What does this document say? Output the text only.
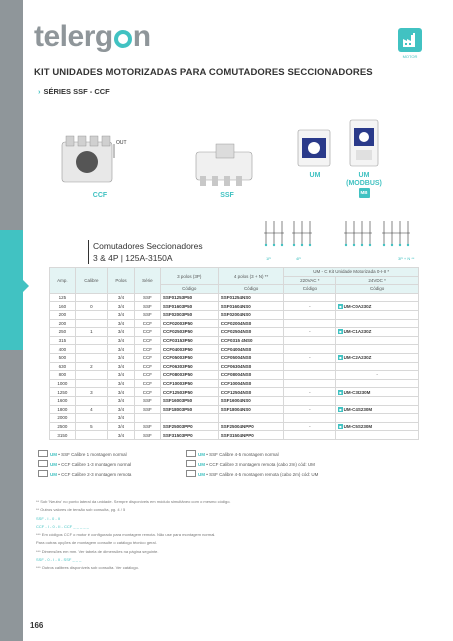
telerg n
MOTOR
KIT UNIDADES MOTORIZADAS PARA COMUTADORES SECCIONADORES
› SÉRIES SSF - CCF
OUT
CCF	SSF
UM	UM
(MODBUS)
MB
1P	4P	3P + N **
Comutadores Seccionadores
3 & 4P | 125A-3150A
Amp.	Calibre	Polos	Série	3 polos (3P)	4 polos (3 + N) **	UM - C Kit Unidade Motorizada 0-I-II *	
						220VAC *	24VDC *
				Código	Código	Código	Código
125		3/4	SSF	SSF01253P50	SSF01254NS0		
160	0	3/4	SSF	SSF01603P50	SSF01604NS0	-	■ UM-C0A230Z
200		3/4	SSF	SSF02003P50	SSF02004NS0		
200		3/4	CCF	CCF02003P50	CCF02004NS0		
250	1	3/4	CCF	CCF02503P50	CCF02504NS0	-	■ UM-C1A230Z
315		3/4	CCF	CCF03153P50	CCF0315 4NS0		
400		3/4	CCF	CCF04003P50	CCF04004NS0		
500		3/4	CCF	CCF05003P50	CCF05004NS0	-	■ UM-C2A230Z
630	2	3/4	CCF	CCF06303P50	CCF06304NS0		
800		3/4	CCF	CCF08003P50	CCF08004NS0		-
1000		3/4	CCF	CCF10003P50	CCF10004NS0		
1250	3	3/4	CCF	CCF12503P50	CCF12504NS0	-	■ UM-C3I230M
1600		3/4	SSF	SSF16003P50	SSF16004NS0		
1800	4	3/4	SSF	SSF18003P50	SSF18004NS0	-	■ UM-C4S230M
2000		3/4					
2500	5	3/4	SSF	SSF25003PP0	SSF25004NPP0	-	■ UM-C5S230M
3150		3/4	SSF	SSF31503PP0	SSF31504NPP0		
UM • SSF Calibre 1 montagem normal
UM • CCF Calibre 1-3 montagem normal
UM • CCF Calibre 2-3 montagem remota
UM • SSF Calibre 4-5 montagem normal
UM • CCF Calibre 3 montagem remota (cabo 2m) cód: UM
UM • SSF Calibre 4-5 montagem remota (cabo 2m) cód: UM
** Sob 'Neutro' no ponto lateral da unidade. Sempre disponíveis em módulo simultâneo com o mesmo código.
** Outros valores de tensão sob consulta, pg. 4 / 5
SSF - I - 0 - II
CCF - I - 0 - II - CCF _ _ _ _ _
*** Em códigos CCF o motor é configurado para montagem remota. Não use para montagem normal.
Para outras opções de montagem consulte o catálogo técnico geral.
*** Dimensões em mm. Ver tabela de dimensões na página seguinte.
SSF - 0 - I - II - SSF _ _ _
*** Outros calibres disponíveis sob consulta. Ver catálogo.
166
